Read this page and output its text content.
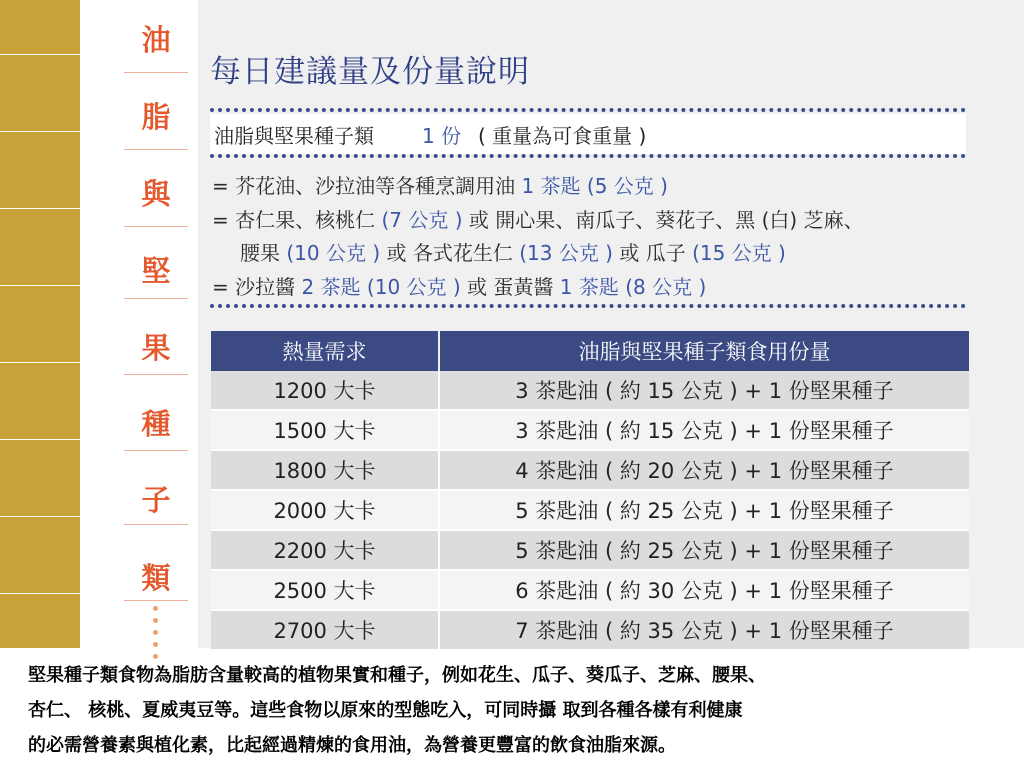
油
脂
與
堅
果
種
子
類
每日建議量及份量說明
油脂與堅果種子類 1 份 ( 重量為可食重量 )
= 芥花油、沙拉油等各種烹調用油 1 茶匙 (5 公克 )
= 杏仁果、核桃仁 (7 公克 ) 或 開心果、南瓜子、葵花子、黑 (白) 芝麻、
腰果 (10 公克 ) 或 各式花生仁 (13 公克 ) 或 瓜子 (15 公克 )
= 沙拉醬 2 茶匙 (10 公克 ) 或 蛋黃醬 1 茶匙 (8 公克 )
熱量需求	油脂與堅果種子類食用份量
1200 大卡	3 茶匙油 ( 約 15 公克 ) + 1 份堅果種子
1500 大卡	3 茶匙油 ( 約 15 公克 ) + 1 份堅果種子
1800 大卡	4 茶匙油 ( 約 20 公克 ) + 1 份堅果種子
2000 大卡	5 茶匙油 ( 約 25 公克 ) + 1 份堅果種子
2200 大卡	5 茶匙油 ( 約 25 公克 ) + 1 份堅果種子
2500 大卡	6 茶匙油 ( 約 30 公克 ) + 1 份堅果種子
2700 大卡	7 茶匙油 ( 約 35 公克 ) + 1 份堅果種子
堅果種子類食物為脂肪含量較高的植物果實和種子，例如花生、瓜子、葵瓜子、芝麻、腰果、
杏仁、 核桃、夏威夷豆等。這些食物以原來的型態吃入，可同時攝 取到各種各樣有利健康
的必需營養素與植化素，比起經過精煉的食用油，為營養更豐富的飲食油脂來源。
